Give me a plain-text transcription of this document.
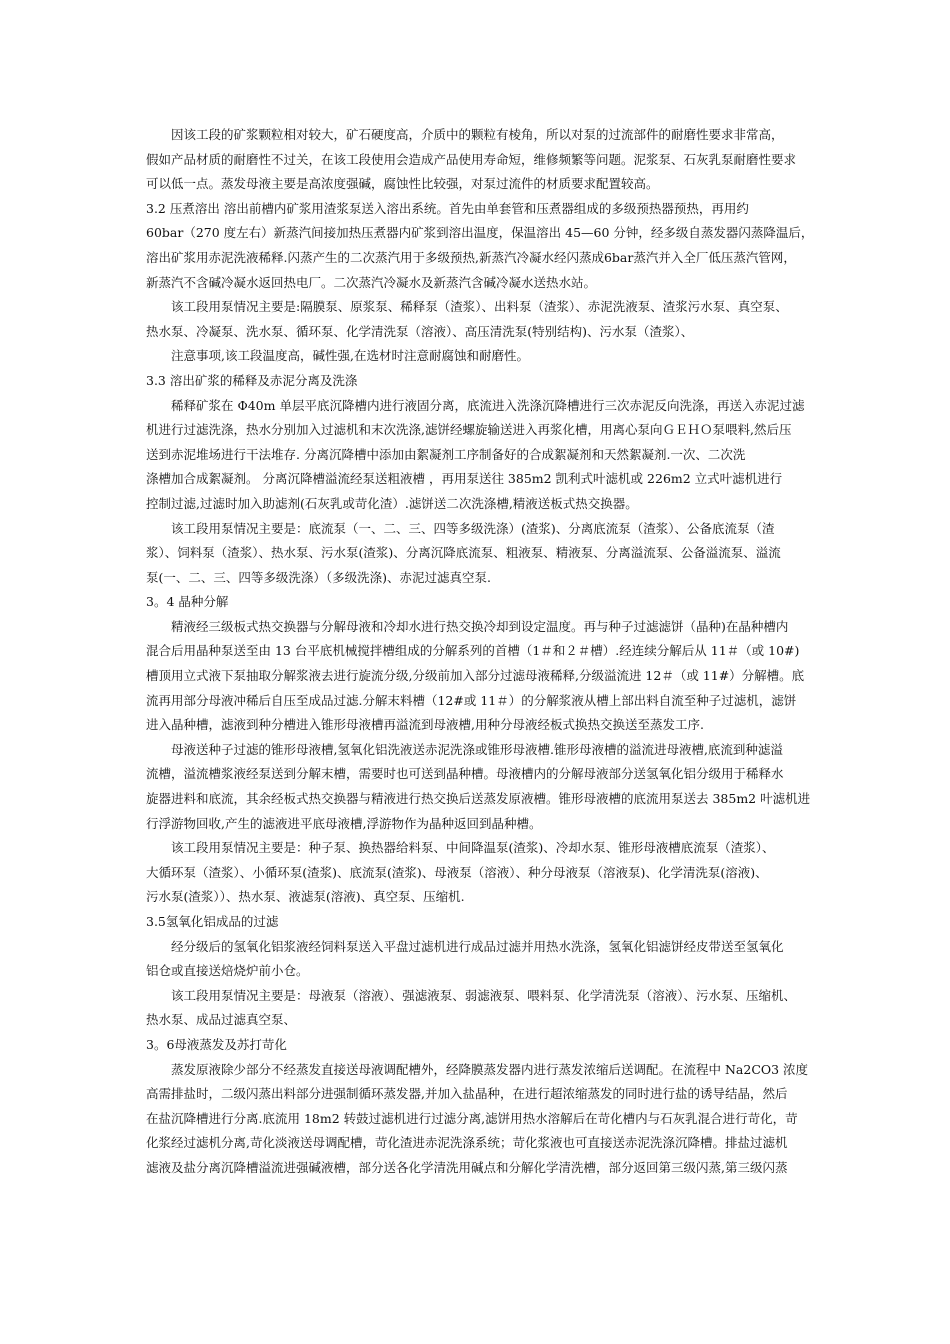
因该工段的矿浆颗粒相对较大，矿石硬度高，介质中的颗粒有棱角，所以对泵的过流部件的耐磨性要求非常高，
假如产品材质的耐磨性不过关，在该工段使用会造成产品使用寿命短，维修频繁等问题。泥浆泵、石灰乳泵耐磨性要求
可以低一点。蒸发母液主要是高浓度强碱，腐蚀性比较强，对泵过流件的材质要求配置较高。
3.2 压煮溶出 溶出前槽内矿浆用渣浆泵送入溶出系统。首先由单套管和压煮器组成的多级预热器预热，再用约
60bar（270 度左右）新蒸汽间接加热压煮器内矿浆到溶出温度，保温溶出 45—60 分钟，经多级自蒸发器闪蒸降温后，
溶出矿浆用赤泥洗液稀释.闪蒸产生的二次蒸汽用于多级预热,新蒸汽冷凝水经闪蒸成6bar蒸汽并入全厂低压蒸汽管网，
新蒸汽不含碱冷凝水返回热电厂。二次蒸汽冷凝水及新蒸汽含碱冷凝水送热水站。
该工段用泵情况主要是:隔膜泵、原浆泵、稀释泵（渣浆）、出料泵（渣浆）、赤泥洗液泵、渣浆污水泵、真空泵、
热水泵、冷凝泵、洗水泵、循环泵、化学清洗泵（溶液）、高压清洗泵(特别结构)、污水泵（渣浆）、
注意事项,该工段温度高，碱性强,在选材时注意耐腐蚀和耐磨性。
3.3 溶出矿浆的稀释及赤泥分离及洗涤
稀释矿浆在 Φ40m 单层平底沉降槽内进行液固分离，底流进入洗涤沉降槽进行三次赤泥反向洗涤，再送入赤泥过滤
机进行过滤洗涤，热水分别加入过滤机和末次洗涤,滤饼经螺旋输送进入再浆化槽，用离心泵向ＧＥＨＯ泵喂料,然后压
送到赤泥堆场进行干法堆存. 分离沉降槽中添加由絮凝剂工序制备好的合成絮凝剂和天然絮凝剂.一次、二次洗
涤槽加合成絮凝剂。 分离沉降槽溢流经泵送粗液槽 ，再用泵送往 385m2 凯利式叶滤机或 226m2 立式叶滤机进行
控制过滤,过滤时加入助滤剂(石灰乳或苛化渣）.滤饼送二次洗涤槽,精液送板式热交换器。
该工段用泵情况主要是：底流泵（一、二、三、四等多级洗涤）(渣浆)、分离底流泵（渣浆）、公备底流泵（渣
浆）、饲料泵（渣浆）、热水泵、污水泵(渣浆)、分离沉降底流泵、粗液泵、精液泵、分离溢流泵、公备溢流泵、溢流
泵(一、二、三、四等多级洗涤）（多级洗涤)、赤泥过滤真空泵.
3。4 晶种分解
精液经三级板式热交换器与分解母液和冷却水进行热交换冷却到设定温度。再与种子过滤滤饼（晶种)在晶种槽内
混合后用晶种泵送至由 13 台平底机械搅拌槽组成的分解系列的首槽（1＃和２＃槽）.经连续分解后从 11＃（或 10#)
槽顶用立式液下泵抽取分解浆液去进行旋流分级,分级前加入部分过滤母液稀释,分级溢流进 12＃（或 11#）分解槽。底
流再用部分母液冲稀后自压至成品过滤.分解末料槽（12#或 11＃）的分解浆液从槽上部出料自流至种子过滤机，滤饼
进入晶种槽，滤液到种分槽进入锥形母液槽再溢流到母液槽,用种分母液经板式换热交换送至蒸发工序.
母液送种子过滤的锥形母液槽,氢氧化铝洗液送赤泥洗涤或锥形母液槽.锥形母液槽的溢流进母液槽,底流到种滤溢
流槽，溢流槽浆液经泵送到分解末槽，需要时也可送到晶种槽。母液槽内的分解母液部分送氢氧化铝分级用于稀释水
旋器进料和底流，其余经板式热交换器与精液进行热交换后送蒸发原液槽。锥形母液槽的底流用泵送去 385m2 叶滤机进
行浮游物回收,产生的滤液进平底母液槽,浮游物作为晶种返回到晶种槽。
该工段用泵情况主要是：种子泵、换热器给料泵、中间降温泵(渣浆)、冷却水泵、锥形母液槽底流泵（渣浆）、
大循环泵（渣浆）、小循环泵(渣浆)、底流泵(渣浆)、母液泵（溶液）、种分母液泵（溶液泵)、化学清洗泵(溶液)、
污水泵(渣浆））、热水泵、液滤泵(溶液)、真空泵、压缩机.
3.5氢氧化铝成品的过滤
经分级后的氢氧化铝浆液经饲料泵送入平盘过滤机进行成品过滤并用热水洗涤，氢氧化铝滤饼经皮带送至氢氧化
铝仓或直接送焙烧炉前小仓。
该工段用泵情况主要是：母液泵（溶液）、强滤液泵、弱滤液泵、喂料泵、化学清洗泵（溶液）、污水泵、压缩机、
热水泵、成品过滤真空泵、
3。6母液蒸发及苏打苛化
蒸发原液除少部分不经蒸发直接送母液调配槽外，经降膜蒸发器内进行蒸发浓缩后送调配。在流程中 Na2CO3 浓度
高需排盐时，二级闪蒸出料部分进强制循环蒸发器,并加入盐晶种，在进行超浓缩蒸发的同时进行盐的诱导结晶，然后
在盐沉降槽进行分离.底流用 18m2 转鼓过滤机进行过滤分离,滤饼用热水溶解后在苛化槽内与石灰乳混合进行苛化，苛
化浆经过滤机分离,苛化淡液送母调配槽，苛化渣进赤泥洗涤系统；苛化浆液也可直接送赤泥洗涤沉降槽。排盐过滤机
滤液及盐分离沉降槽溢流进强碱液槽，部分送各化学清洗用碱点和分解化学清洗槽，部分返回第三级闪蒸,第三级闪蒸
